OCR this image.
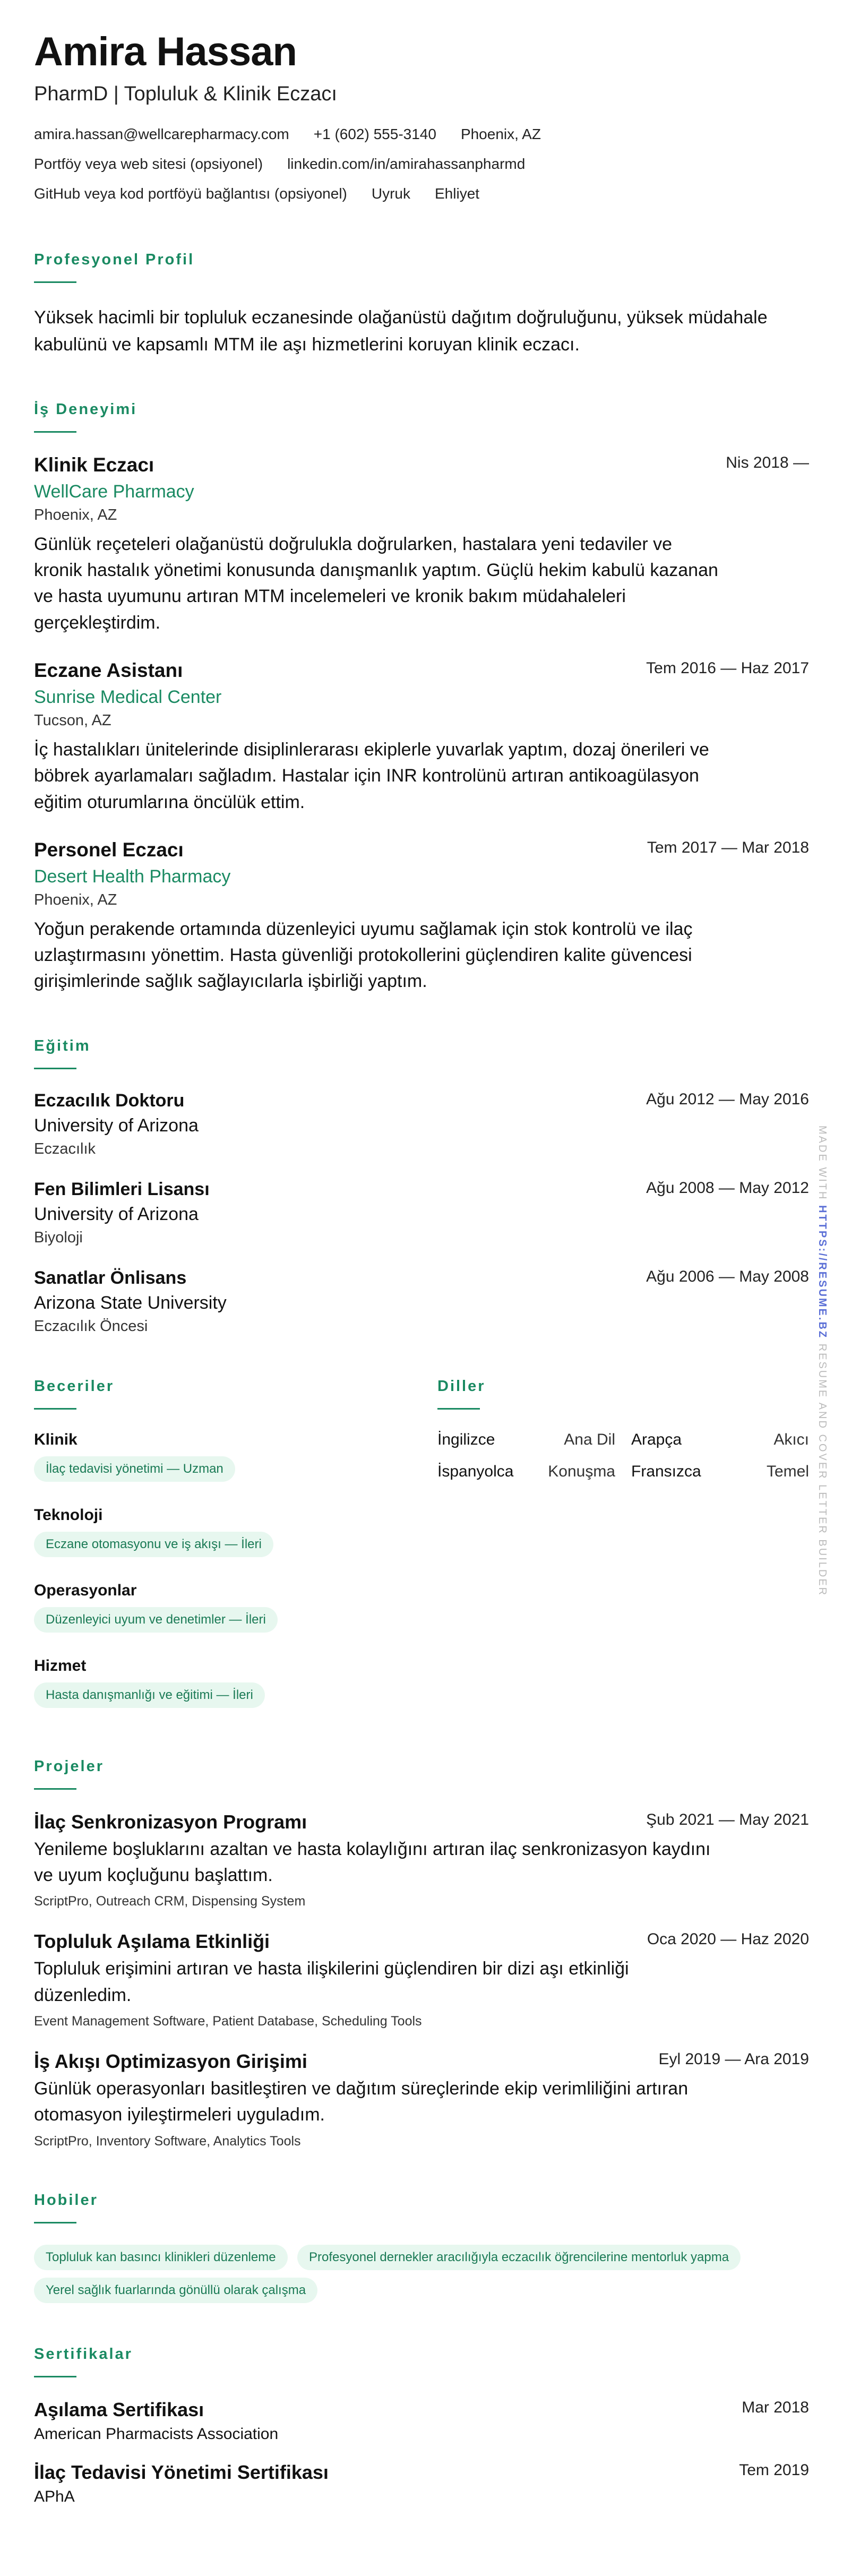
Amira Hassan
PharmD | Topluluk & Klinik Eczacı
amira.hassan@wellcarepharmacy.com +1 (602) 555-3140 Phoenix, AZ
Portföy veya web sitesi (opsiyonel) linkedin.com/in/amirahassanpharmd
GitHub veya kod portföyü bağlantısı (opsiyonel) Uyruk Ehliyet
Profesyonel Profil

Yüksek hacimli bir topluluk eczanesinde olağanüstü dağıtım doğruluğunu, yüksek müdahale kabulünü ve kapsamlı MTM ile aşı hizmetlerini koruyan klinik eczacı.

İş Deneyimi
Klinik Eczacı	Nis 2018 —
WellCare Pharmacy
Phoenix, AZ
Günlük reçeteleri olağanüstü doğrulukla doğrularken, hastalara yeni tedaviler ve kronik hastalık yönetimi konusunda danışmanlık yaptım. Güçlü hekim kabulü kazanan ve hasta uyumunu artıran MTM incelemeleri ve kronik bakım müdahaleleri gerçekleştirdim.
Eczane Asistanı	Tem 2016 — Haz 2017
Sunrise Medical Center
Tucson, AZ
İç hastalıkları ünitelerinde disiplinlerarası ekiplerle yuvarlak yaptım, dozaj önerileri ve böbrek ayarlamaları sağladım. Hastalar için INR kontrolünü artıran antikoagülasyon eğitim oturumlarına öncülük ettim.
Personel Eczacı	Tem 2017 — Mar 2018
Desert Health Pharmacy
Phoenix, AZ
Yoğun perakende ortamında düzenleyici uyumu sağlamak için stok kontrolü ve ilaç uzlaştırmasını yönettim. Hasta güvenliği protokollerini güçlendiren kalite güvencesi girişimlerinde sağlık sağlayıcılarla işbirliği yaptım.
Eğitim
Eczacılık Doktoru	Ağu 2012 — May 2016
University of Arizona
Eczacılık
Fen Bilimleri Lisansı	Ağu 2008 — May 2012
University of Arizona
Biyoloji
Sanatlar Önlisans	Ağu 2006 — May 2008
Arizona State University
Eczacılık Öncesi
Beceriler
Klinik
İlaç tedavisi yönetimi — Uzman
Teknoloji
Eczane otomasyonu ve iş akışı — İleri
Operasyonlar
Düzenleyici uyum ve denetimler — İleri
Hizmet
Hasta danışmanlığı ve eğitimi — İleri
Diller
İngilizce	Ana Dil Arapça	Akıcı
İspanyolca Konuşma Fransızca	Temel
Projeler
İlaç Senkronizasyon Programı	Şub 2021 — May 2021
Yenileme boşluklarını azaltan ve hasta kolaylığını artıran ilaç senkronizasyon kaydını ve uyum koçluğunu başlattım.
ScriptPro, Outreach CRM, Dispensing System
Topluluk Aşılama Etkinliği	Oca 2020 — Haz 2020
Topluluk erişimini artıran ve hasta ilişkilerini güçlendiren bir dizi aşı etkinliği düzenledim.
Event Management Software, Patient Database, Scheduling Tools
İş Akışı Optimizasyon Girişimi	Eyl 2019 — Ara 2019
Günlük operasyonları basitleştiren ve dağıtım süreçlerinde ekip verimliliğini artıran otomasyon iyileştirmeleri uyguladım.
ScriptPro, Inventory Software, Analytics Tools
Hobiler
Topluluk kan basıncı klinikleri düzenleme	Profesyonel dernekler aracılığıyla eczacılık öğrencilerine mentorluk yapma Yerel sağlık fuarlarında gönüllü olarak çalışma
Sertifikalar
Aşılama Sertifikası	Mar 2018
American Pharmacists Association
İlaç Tedavisi Yönetimi Sertifikası	Tem 2019
APhA
MADE WITH HTTPS://RESUME.BZ RESUME AND COVER LETTER BUILDER
